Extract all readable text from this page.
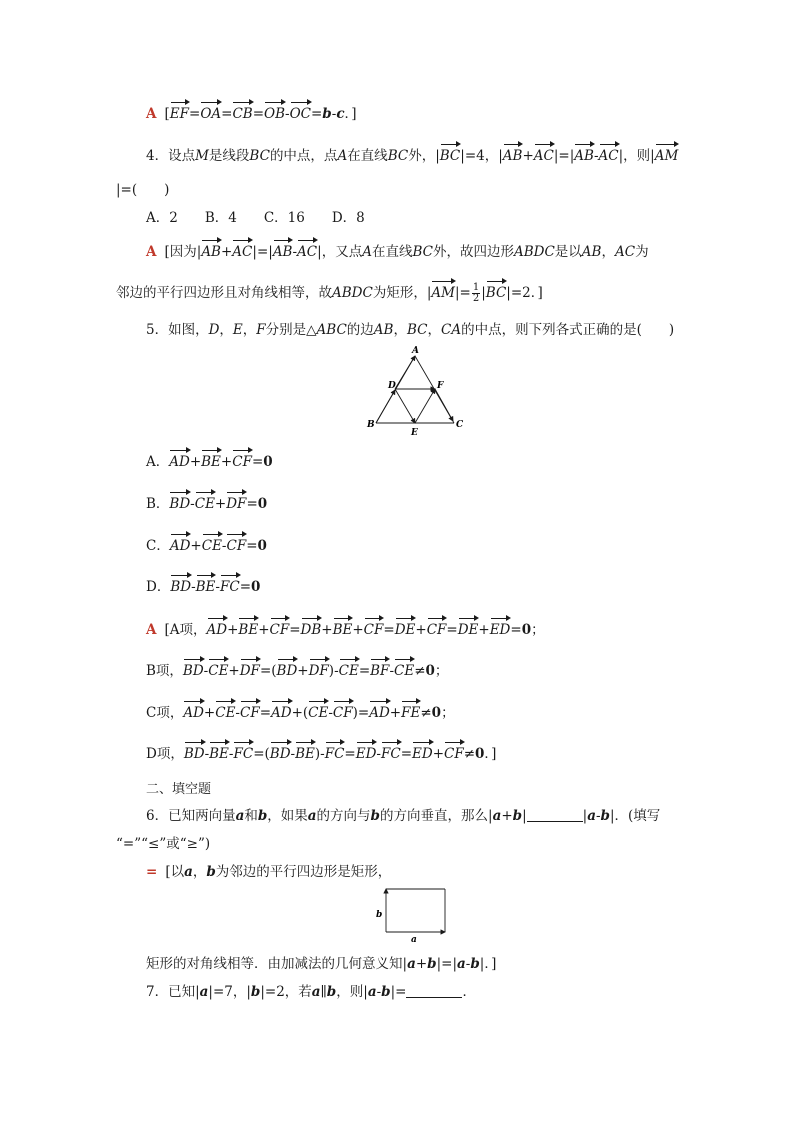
A [EF=OA=CB=OB-OC=b-c．]
4．设点M是线段BC的中点，点A在直线BC外，|BC|=4，|AB+AC|=|AB-AC|，则|AM
|=(　　)
A．2　　B．4　　C．16　　D．8
A [因为|AB+AC|=|AB-AC|，又点A在直线BC外，故四边形ABDC是以AB，AC为
邻边的平行四边形且对角线相等，故ABDC为矩形，$|AM|= \frac{1}{2} |BC|=2$．]
5．如图，D，E，F分别是△ABC的边AB，BC，CA的中点，则下列各式正确的是(　　)
A
D	F
B	C
E
A．AD+BE+CF=0
B．BD-CE+DF=0
C．AD+CE-CF=0
D．BD-BE-FC=0
A [A项，AD+BE+CF=DB+BE+CF=DE+CF=DE+ED=0；
B项，BD-CE+DF=(BD+DF)-CE=BF-CE≠0；
C项，AD+CE-CF=AD+(CE-CF)=AD+FE≠0；
D项，BD-BE-FC=(BD-BE)-FC=ED-FC=ED+CF≠0．]
二、填空题
6．已知两向量a和b，如果a的方向与b的方向垂直，那么|a+b|	|a-b|．(填写
“=”“≤”或“≥”)
= [以a，b为邻边的平行四边形是矩形，
b
a
矩形的对角线相等．由加减法的几何意义知|a+b|=|a-b|．]
7．已知|a|=7，|b|=2，若a∥b，则|a-b|=	．
